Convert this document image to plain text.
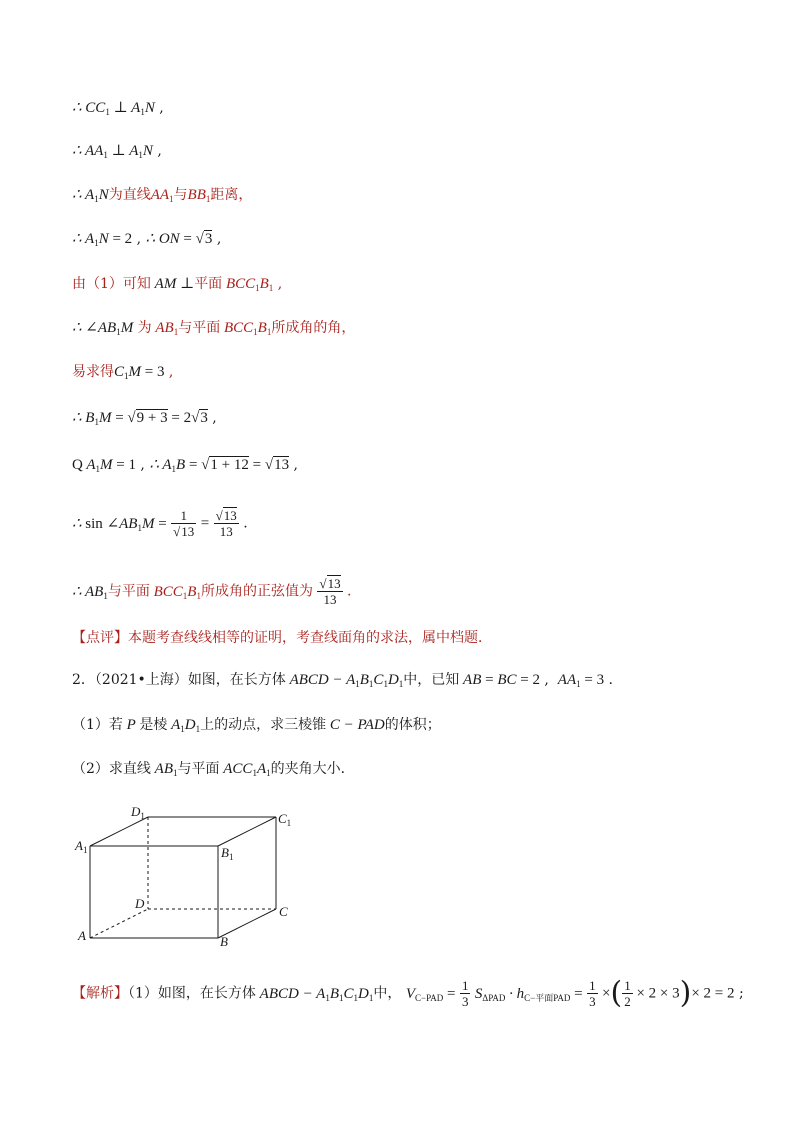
∴ $CC_1$ ⊥ $A_1N$ ,
∴ $AA_1$ ⊥ $A_1N$ ,
∴ $A_1N$为直线$AA_1$与$BB_1$距离，
∴ $A_1N = 2$ , ∴ ON = √3 ,
由（1）可知 AM ⊥平面 $BCC_1B_1$ ,
∴ $\angle AB_1M$ 为 $AB_1$与平面 $BCC_1B_1$所成角的角，
易求得$C_1M = 3$ ,
∴ $B_1M = √9 + 3 = 2√3$ ,
Q $A_1M = 1$ , ∴ $A_1B = √1 + 12 = √13$ ,
∴ $\sin \angle AB_1M = \frac{1}{√13} = \frac{√13}{13}$ .
∴ $AB_1$与平面 $BCC_1B_1$所成角的正弦值为 $\frac{√13}{13}$ .
【点评】本题考查线线相等的证明，考查线面角的求法，属中档题．
2．（2021•上海）如图，在长方体 ABCD − $A_1B_1C_1D_1$中，已知 AB = BC = 2 ,  $AA_1 = 3$ .
（1）若 P 是棱 $A_1D_1$上的动点，求三棱锥 C − PAD的体积；
（2）求直线 $AB_1$与平面 $ACC_1A_1$的夹角大小．
$D_1$	$C_1$
$A_1$	$B_1$
D
C
A	B
【解析】（1）如图，在长方体 ABCD − $A_1B_1C_1D_1$中， $V_{C-PAD} = \frac{1}{3} S_{\Delta PAD} \cdot h_{C-平面PAD} = \frac{1}{3}$ ×( $\frac{1}{2} \times 2 \times 3)\times 2 = 2$ ;
